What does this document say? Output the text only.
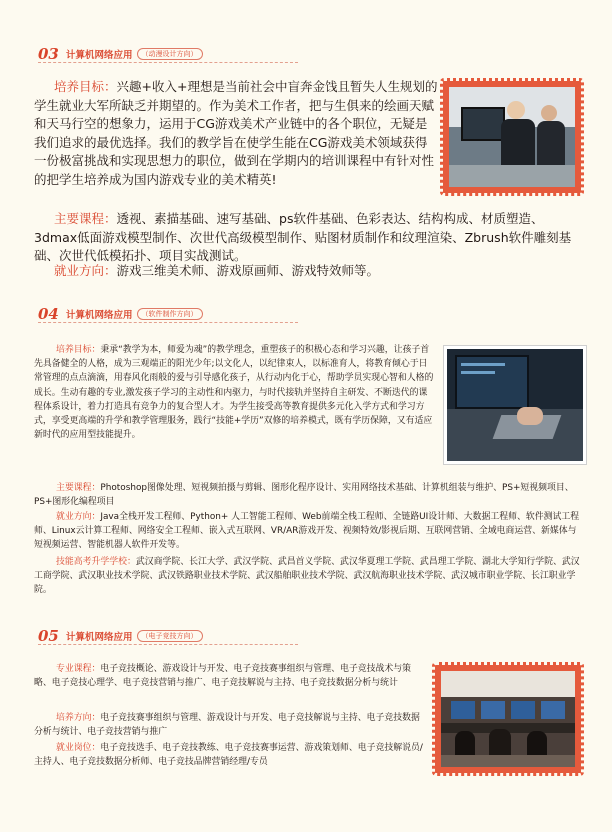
03 计算机网络应用	（动漫设计方向）

培养目标：兴趣+收入+理想是当前社会中盲奔金饯且暂失人生规划的学生就业大军所缺乏并期望的。作为美术工作者，把与生俱来的绘画天赋和天马行空的想象力，运用于CG游戏美术产业链中的各个职位，无疑是我们追求的最优选择。我们的教学旨在使学生能在CG游戏美术领域获得一份极富挑战和实现思想力的职位，做到在学期内的培训课程中有针对性的把学生培养成为国内游戏专业的美术精英!

主要课程：透视、素描基础、速写基础、ps软件基础、色彩表达、结构构成、材质塑造、3dmax低面游戏模型制作、次世代高级模型制作、贴图材质制作和纹理渲染、Zbrush软件雕刻基础、次世代低模拓扑、项目实战测试。

就业方向：游戏三维美术师、游戏原画师、游戏特效师等。

04 计算机网络应用	（软件制作方向）

培养目标：秉承“教学为本，师爱为魂”的教学理念，重塑孩子的积极心态和学习兴趣，让孩子首先具备健全的人格，成为三观端正的阳光少年;以文化人，以纪律束人，以标准育人，将教育倾心于日常管理的点点滴滴，用春风化雨般的爱与引导感化孩子，从行动内化于心，帮助学员实现心智和人格的成长。生动有趣的专业,激发孩子学习的主动性和内驱力，与时代接轨并坚持自主研发、不断迭代的课程体系设计，着力打造具有竞争力的复合型人才。为学生接受高等教育提供多元化入学方式和学习方式，享受更高端的升学和教学管理服务，践行“技能+学历”双修的培养模式，既有学历保障，又有适应新时代的应用型技能提升。

主要课程：Photoshop图像处理、短视频拍摄与剪辑、图形化程序设计、实用网络技术基础、计算机组装与维护、PS+短视频项目、PS+图形化编程项目

就业方向：Java全栈开发工程师、Python+ 人工智能工程师、Web前端全栈工程师、全链路UI设计师、大数据工程师、软件测试工程师、Linux云计算工程师、网络安全工程师、嵌入式互联网、VR/AR游戏开发、视频特效/影视后期、互联网营销、全域电商运营、新媒体与短视频运营、智能机器人软件开发等。

技能高考升学学校：武汉商学院、长江大学、武汉学院、武昌首义学院、武汉华夏理工学院、武昌理工学院、湖北大学知行学院、武汉工商学院、武汉职业技术学院、武汉铁路职业技术学院、武汉船舶职业技术学院、武汉航海职业技术学院、武汉城市职业学院、长江职业学院。

05 计算机网络应用	（电子竞技方向）

专业课程：电子竞技概论、游戏设计与开发、电子竞技赛事组织与管理、电子竞技战术与策略、电子竞技心理学、电子竞技营销与推广、电子竞技解说与主持、电子竞技数据分析与统计

培养方向：电子竞技赛事组织与管理、游戏设计与开发、电子竞技解说与主持、电子竞技数据分析与统计、电子竞技营销与推广

就业岗位：电子竞技选手、电子竞技教练、电子竞技赛事运营、游戏策划师、电子竞技解说员/主持人、电子竞技数据分析师、电子竞技品牌营销经理/专员
